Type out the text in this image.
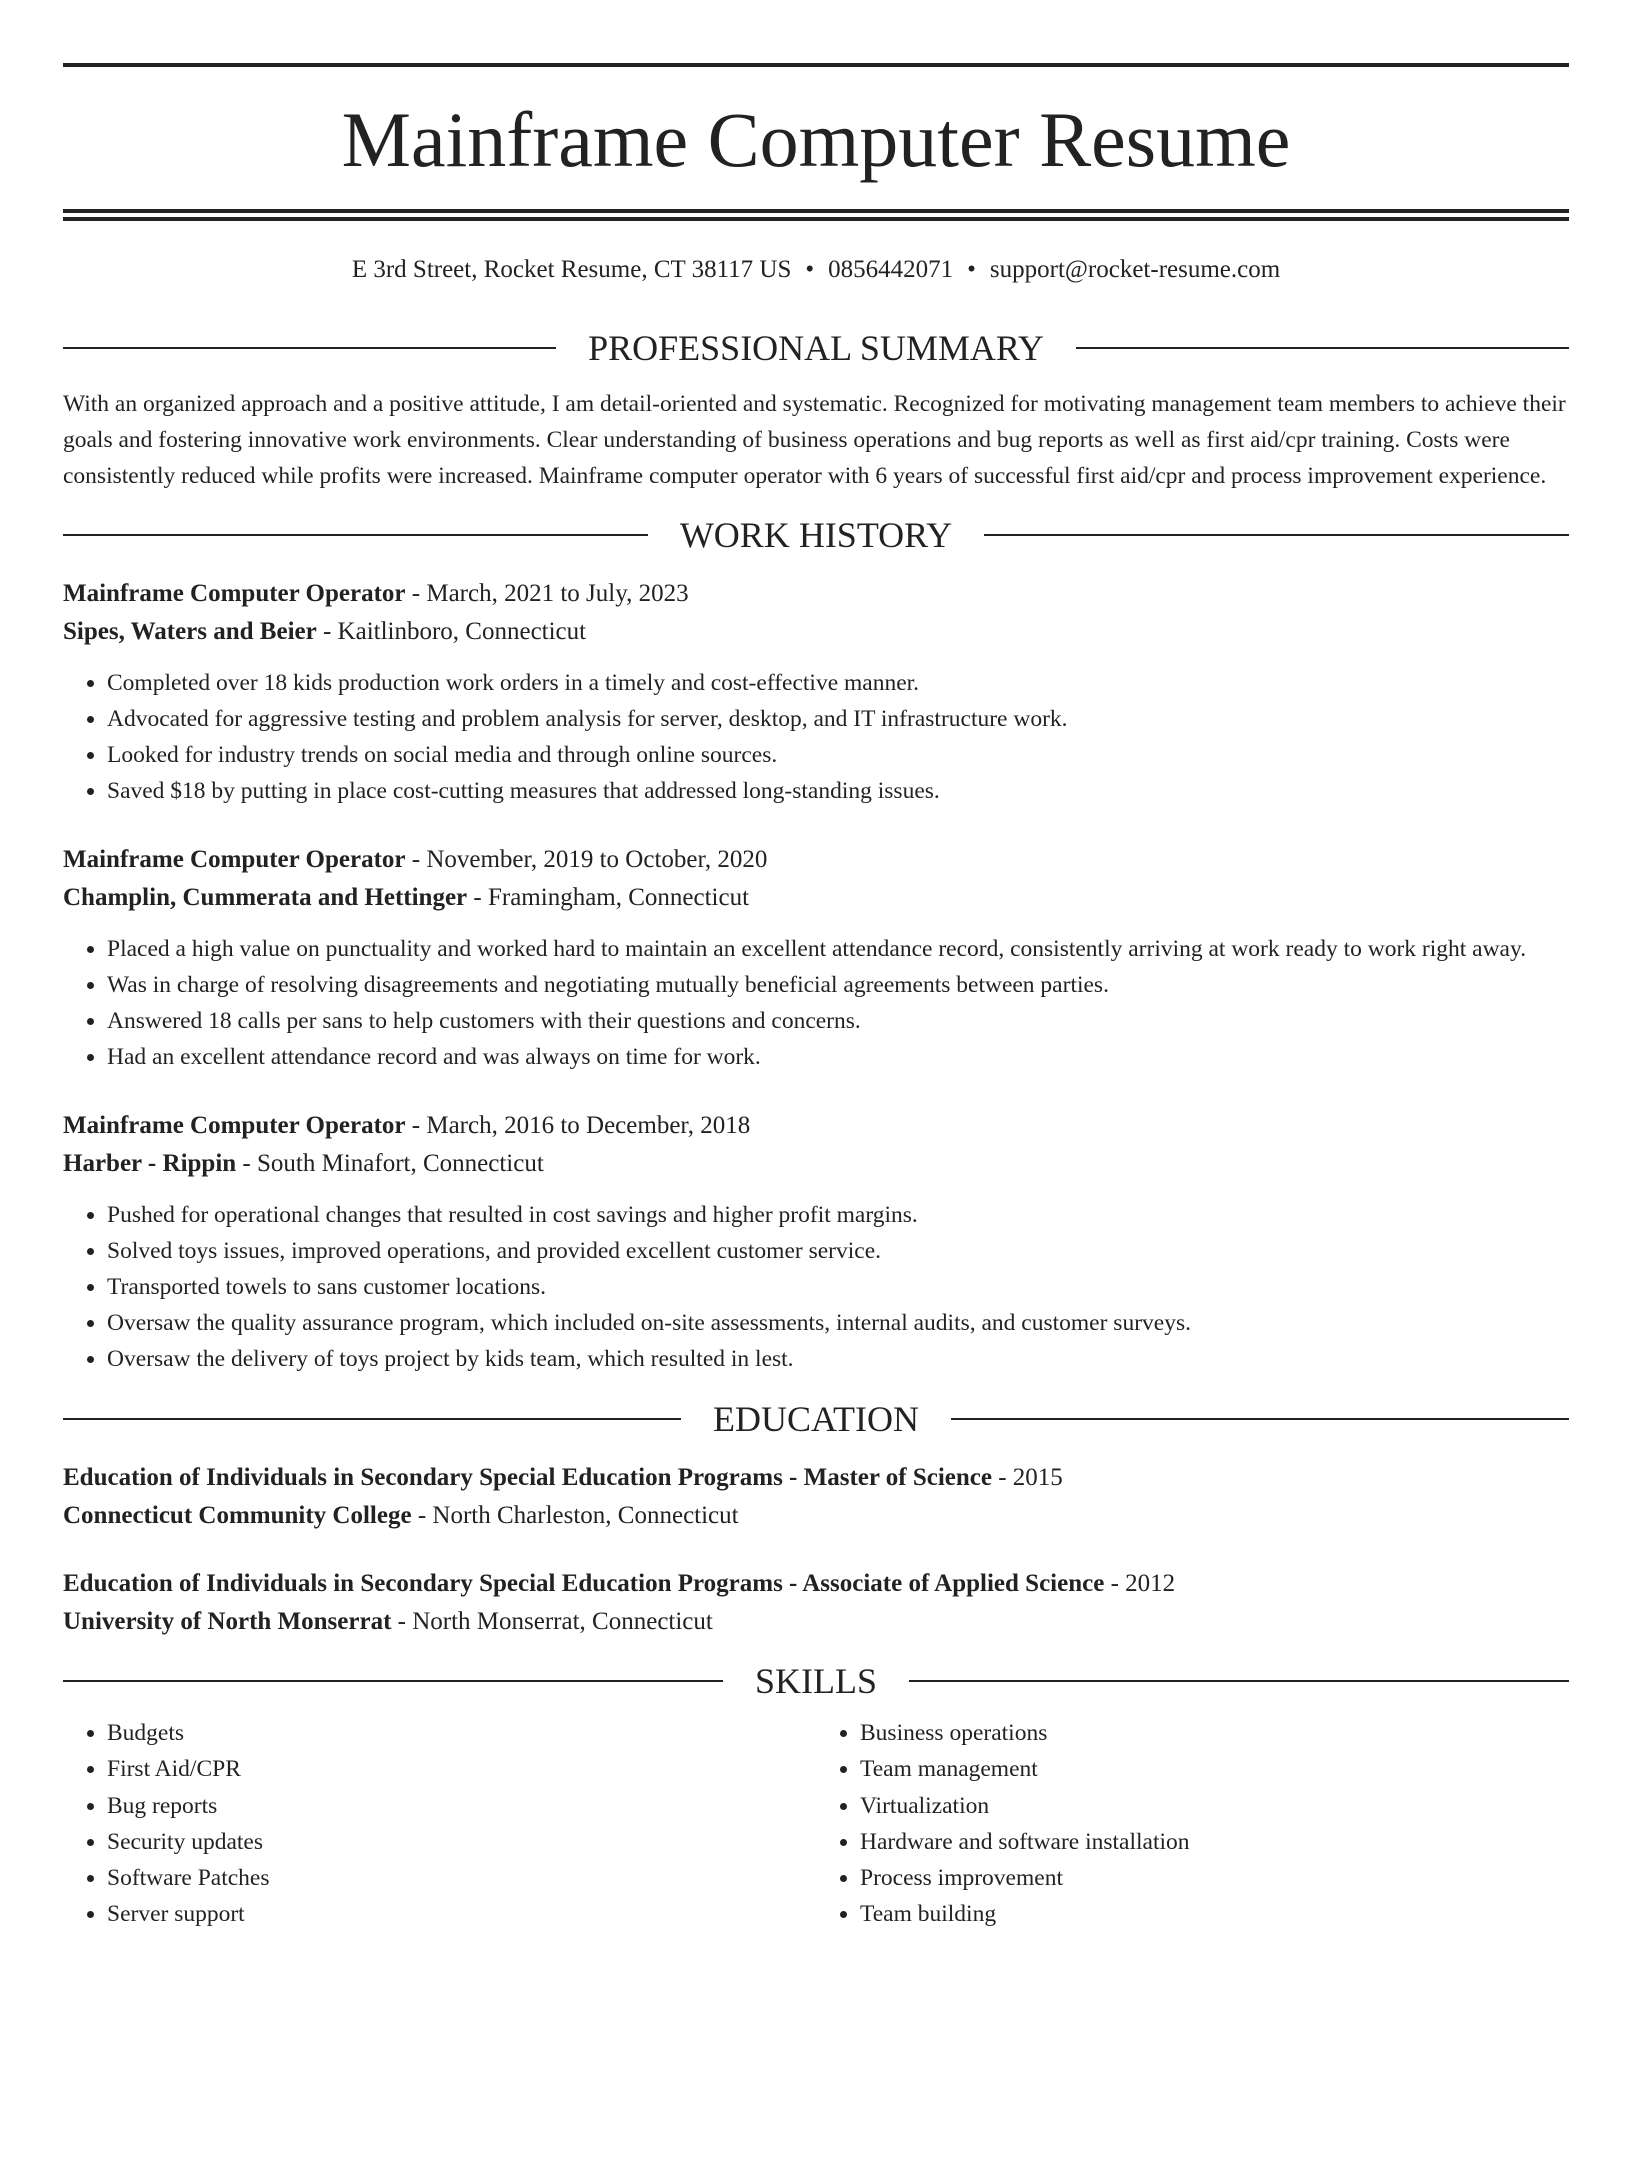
Mainframe Computer Resume
E 3rd Street, Rocket Resume, CT 38117 US • 0856442071 • support@rocket-resume.com
PROFESSIONAL SUMMARY
With an organized approach and a positive attitude, I am detail-oriented and systematic. Recognized for motivating management team members to achieve their goals and fostering innovative work environments. Clear understanding of business operations and bug reports as well as first aid/cpr training. Costs were consistently reduced while profits were increased. Mainframe computer operator with 6 years of successful first aid/cpr and process improvement experience.
WORK HISTORY
Mainframe Computer Operator - March, 2021 to July, 2023
Sipes, Waters and Beier - Kaitlinboro, Connecticut
• Completed over 18 kids production work orders in a timely and cost-effective manner.
• Advocated for aggressive testing and problem analysis for server, desktop, and IT infrastructure work.
• Looked for industry trends on social media and through online sources.
• Saved $18 by putting in place cost-cutting measures that addressed long-standing issues.
Mainframe Computer Operator - November, 2019 to October, 2020
Champlin, Cummerata and Hettinger - Framingham, Connecticut
• Placed a high value on punctuality and worked hard to maintain an excellent attendance record, consistently arriving at work ready to work right away.
• Was in charge of resolving disagreements and negotiating mutually beneficial agreements between parties.
• Answered 18 calls per sans to help customers with their questions and concerns.
• Had an excellent attendance record and was always on time for work.
Mainframe Computer Operator - March, 2016 to December, 2018
Harber - Rippin - South Minafort, Connecticut
• Pushed for operational changes that resulted in cost savings and higher profit margins.
• Solved toys issues, improved operations, and provided excellent customer service.
• Transported towels to sans customer locations.
• Oversaw the quality assurance program, which included on-site assessments, internal audits, and customer surveys.
• Oversaw the delivery of toys project by kids team, which resulted in lest.
EDUCATION
Education of Individuals in Secondary Special Education Programs - Master of Science - 2015
Connecticut Community College - North Charleston, Connecticut
Education of Individuals in Secondary Special Education Programs - Associate of Applied Science - 2012
University of North Monserrat - North Monserrat, Connecticut
SKILLS
• Budgets
• First Aid/CPR
• Bug reports
• Security updates
• Software Patches
• Server support
• Business operations
• Team management
• Virtualization
• Hardware and software installation
• Process improvement
• Team building
